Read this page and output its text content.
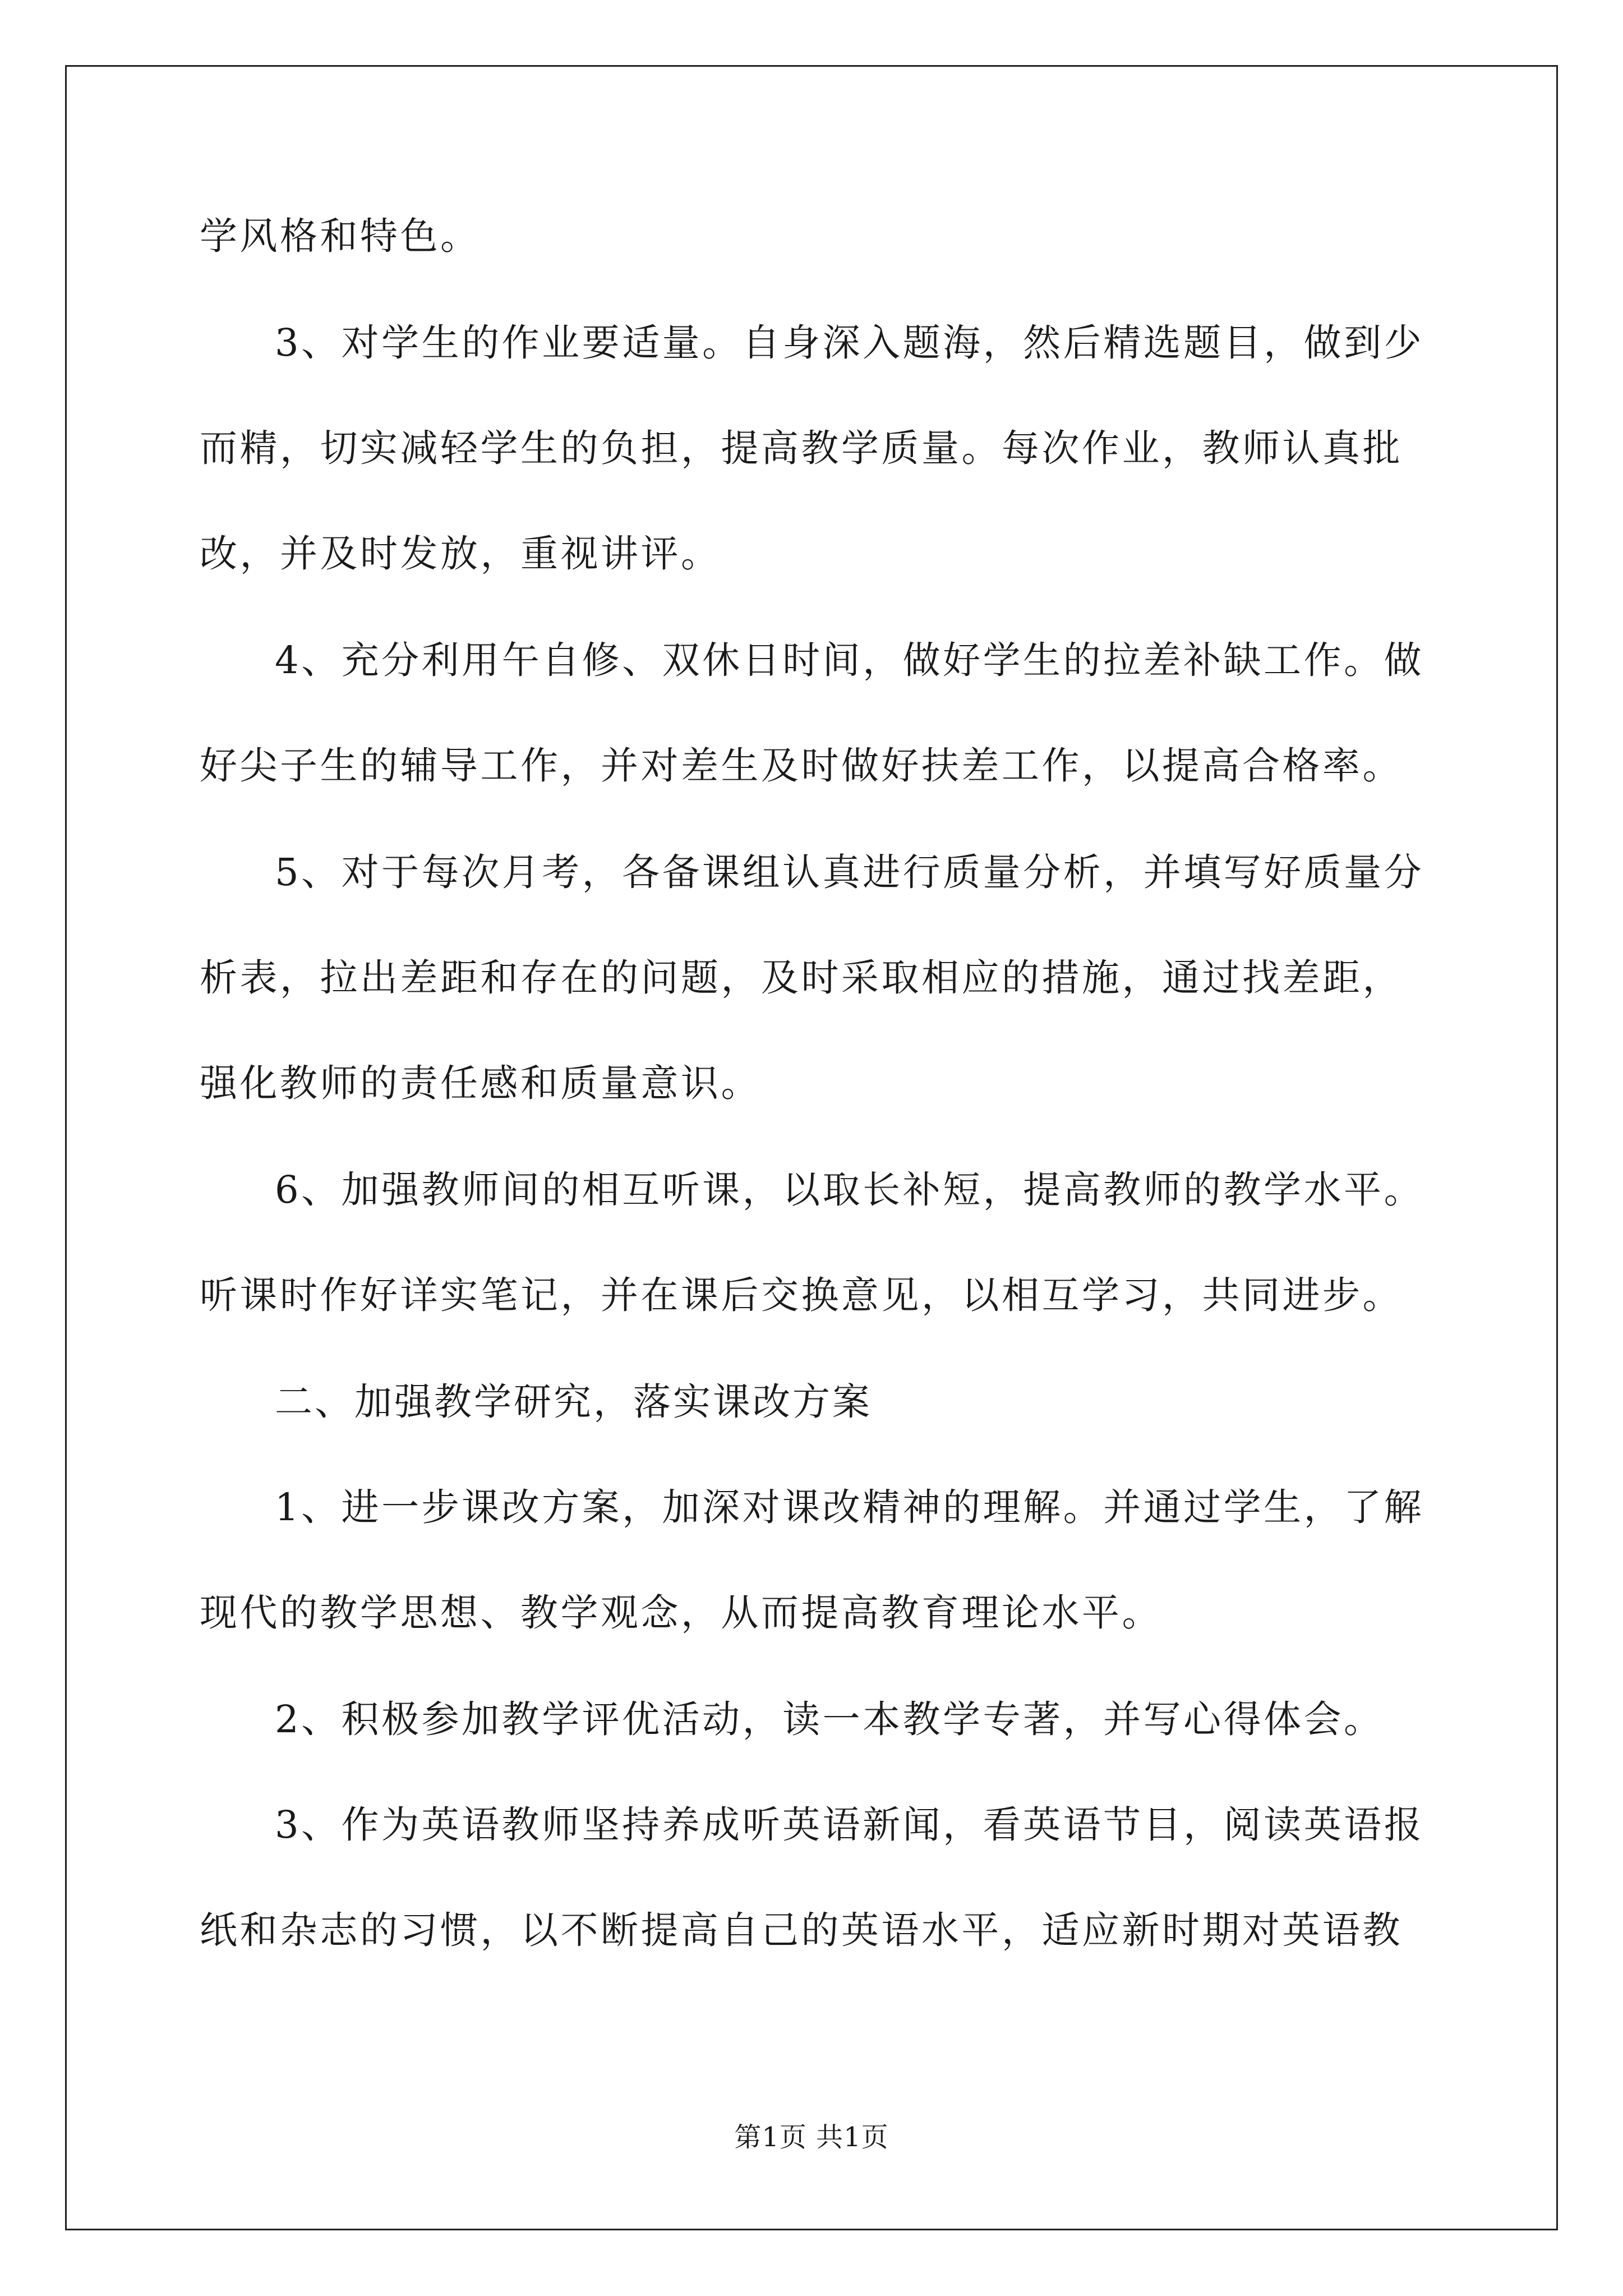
学风格和特色。
3、对学生的作业要适量。自身深入题海，然后精选题目，做到少
而精，切实减轻学生的负担，提高教学质量。每次作业，教师认真批
改，并及时发放，重视讲评。
4、充分利用午自修、双休日时间，做好学生的拉差补缺工作。做
好尖子生的辅导工作，并对差生及时做好扶差工作，以提高合格率。
5、对于每次月考，各备课组认真进行质量分析，并填写好质量分
析表，拉出差距和存在的问题，及时采取相应的措施，通过找差距，
强化教师的责任感和质量意识。
6、加强教师间的相互听课，以取长补短，提高教师的教学水平。
听课时作好详实笔记，并在课后交换意见，以相互学习，共同进步。
二、加强教学研究，落实课改方案
1、进一步课改方案，加深对课改精神的理解。并通过学生，了解
现代的教学思想、教学观念，从而提高教育理论水平。
2、积极参加教学评优活动，读一本教学专著，并写心得体会。
3、作为英语教师坚持养成听英语新闻，看英语节目，阅读英语报
纸和杂志的习惯，以不断提高自己的英语水平，适应新时期对英语教
第1页 共1页
